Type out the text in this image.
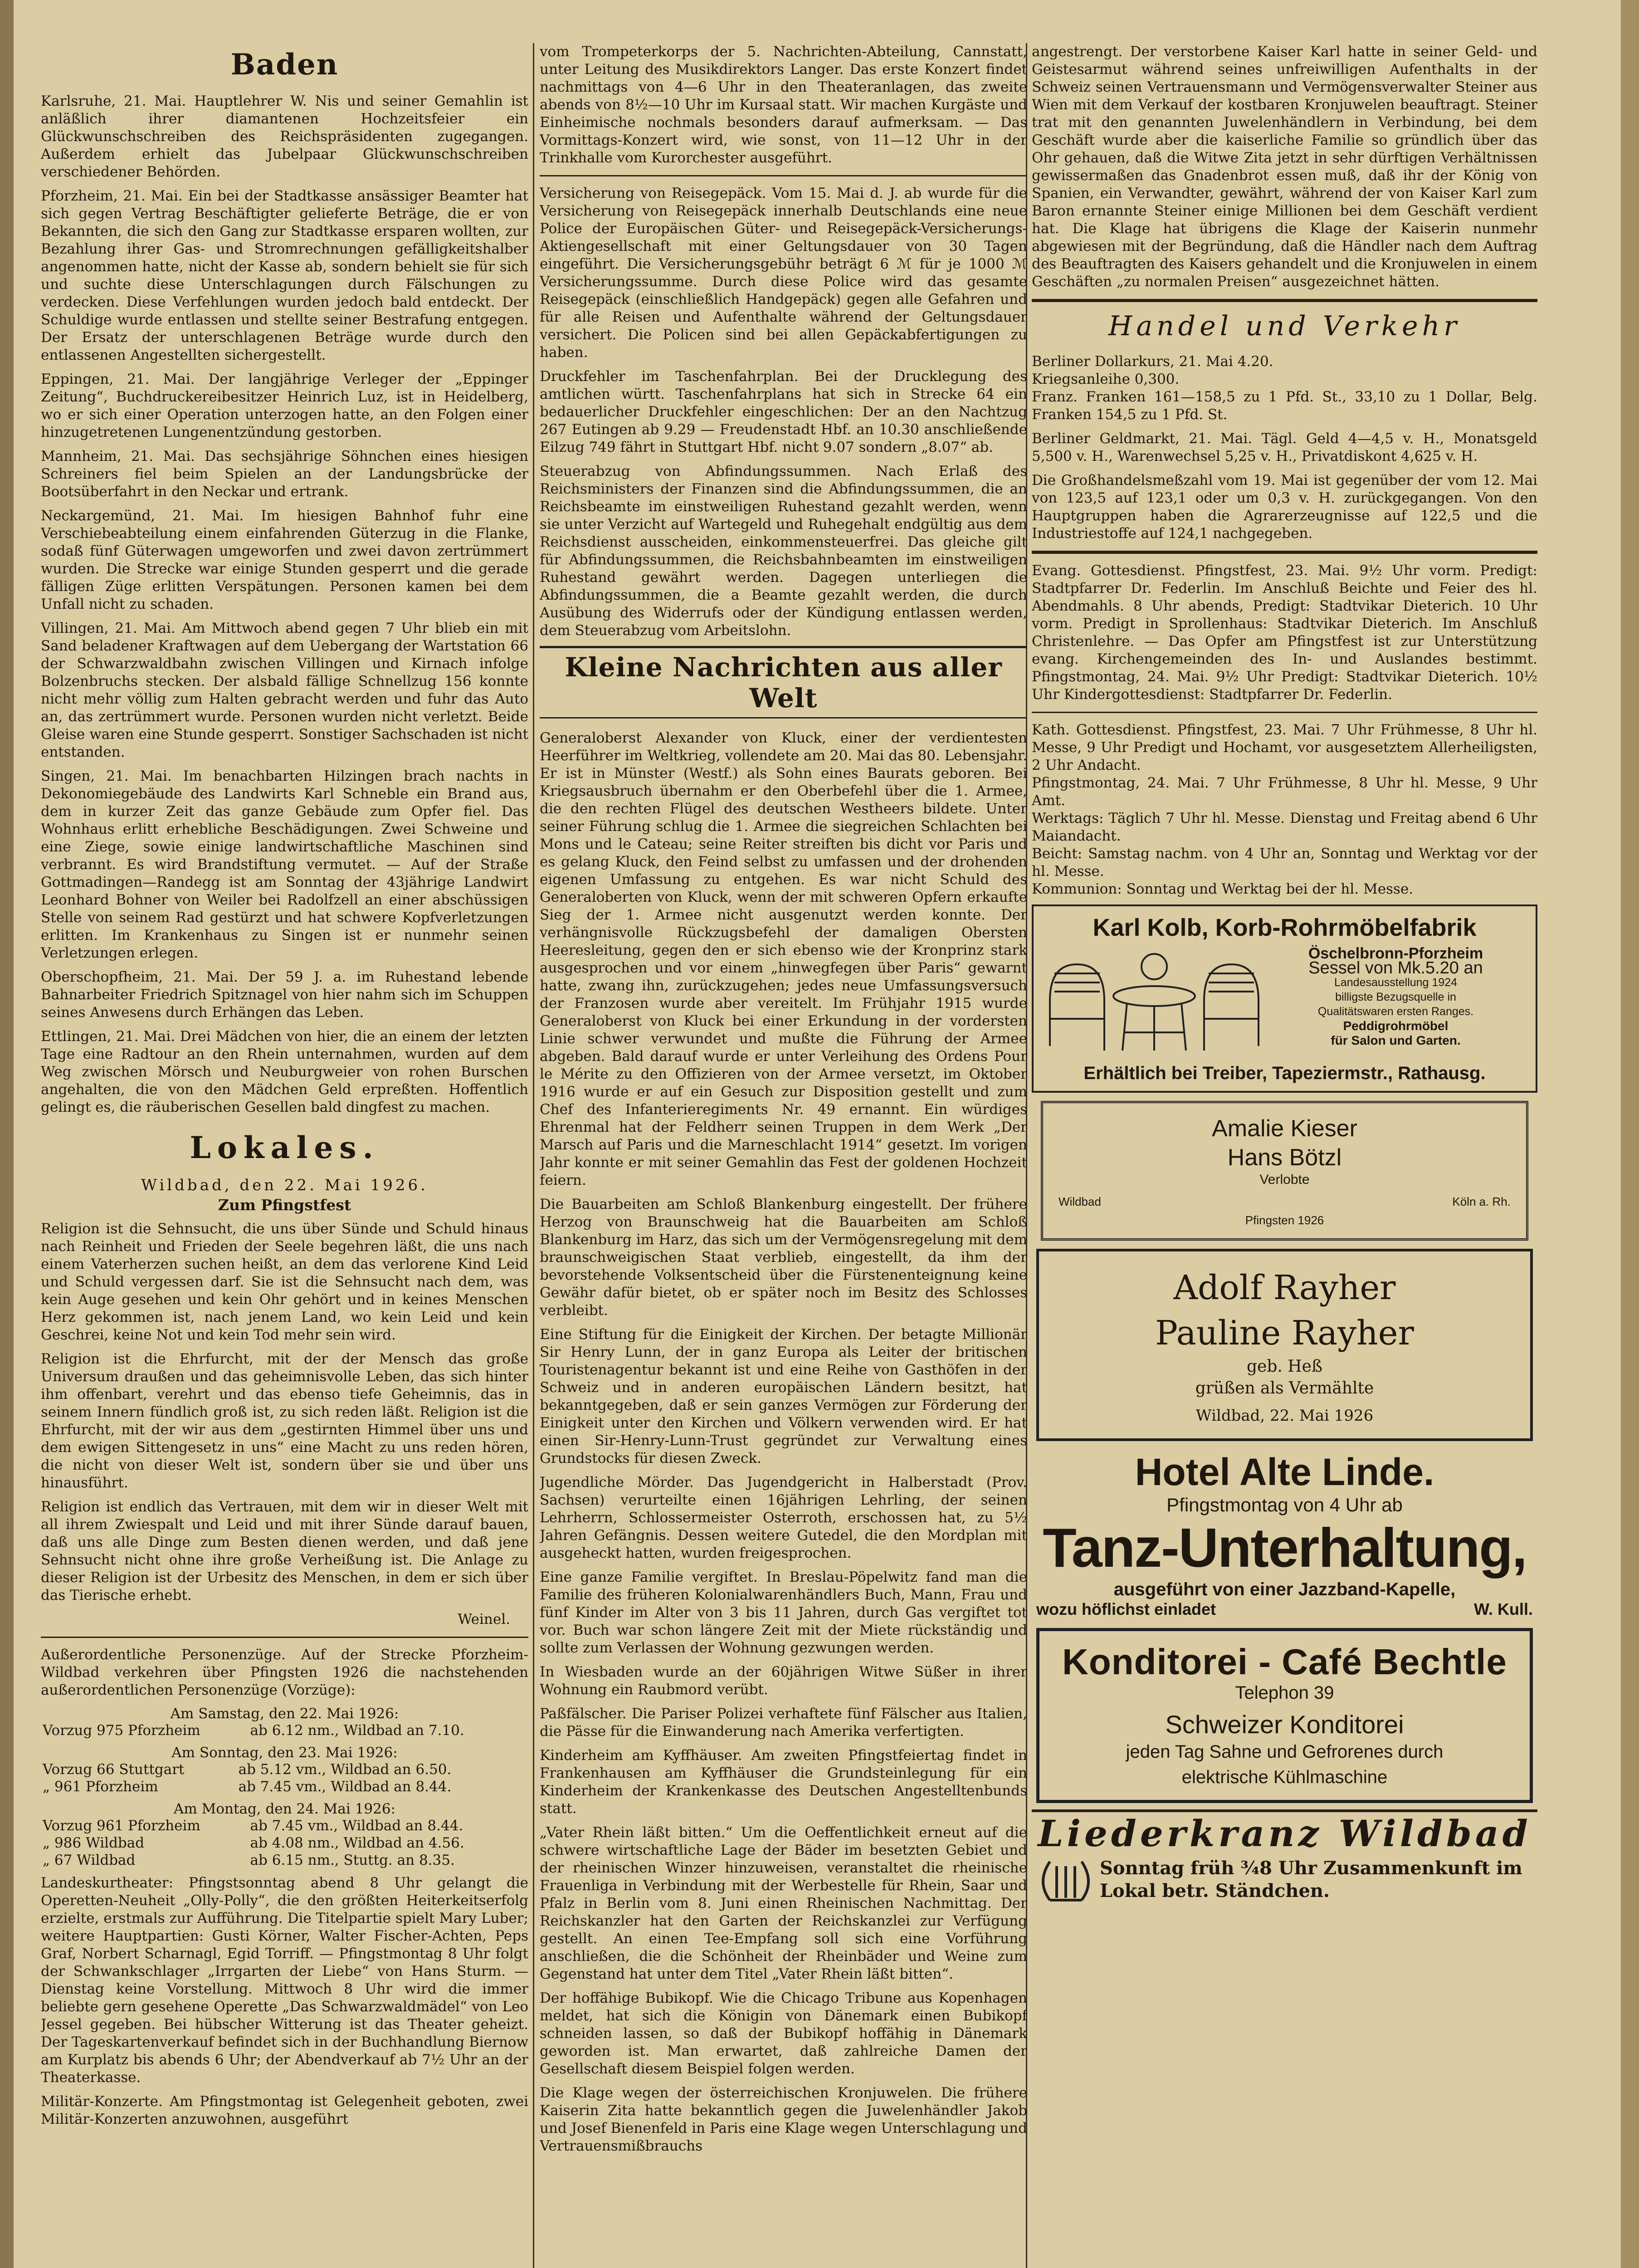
Baden

Karlsruhe, 21. Mai. Hauptlehrer W. Nis und seiner Gemahlin ist anläßlich ihrer diamantenen Hochzeitsfeier ein Glückwunschschreiben des Reichspräsidenten zugegangen. Außerdem erhielt das Jubelpaar Glückwunschschreiben verschiedener Behörden.

Pforzheim, 21. Mai. Ein bei der Stadtkasse ansässiger Beamter hat sich gegen Vertrag Beschäftigter gelieferte Beträge, die er von Bekannten, die sich den Gang zur Stadtkasse ersparen wollten, zur Bezahlung ihrer Gas- und Stromrechnungen gefälligkeitshalber angenommen hatte, nicht der Kasse ab, sondern behielt sie für sich und suchte diese Unterschlagungen durch Fälschungen zu verdecken. Diese Verfehlungen wurden jedoch bald entdeckt. Der Schuldige wurde entlassen und stellte seiner Bestrafung entgegen. Der Ersatz der unterschlagenen Beträge wurde durch den entlassenen Angestellten sichergestellt.

Eppingen, 21. Mai. Der langjährige Verleger der „Eppinger Zeitung“, Buchdruckereibesitzer Heinrich Luz, ist in Heidelberg, wo er sich einer Operation unterzogen hatte, an den Folgen einer hinzugetretenen Lungenentzündung gestorben.

Mannheim, 21. Mai. Das sechsjährige Söhnchen eines hiesigen Schreiners fiel beim Spielen an der Landungsbrücke der Bootsüberfahrt in den Neckar und ertrank.

Neckargemünd, 21. Mai. Im hiesigen Bahnhof fuhr eine Verschiebeabteilung einem einfahrenden Güterzug in die Flanke, sodaß fünf Güterwagen umgeworfen und zwei davon zertrümmert wurden. Die Strecke war einige Stunden gesperrt und die gerade fälligen Züge erlitten Verspätungen. Personen kamen bei dem Unfall nicht zu schaden.

Villingen, 21. Mai. Am Mittwoch abend gegen 7 Uhr blieb ein mit Sand beladener Kraftwagen auf dem Uebergang der Wartstation 66 der Schwarzwaldbahn zwischen Villingen und Kirnach infolge Bolzenbruchs stecken. Der alsbald fällige Schnellzug 156 konnte nicht mehr völlig zum Halten gebracht werden und fuhr das Auto an, das zertrümmert wurde. Personen wurden nicht verletzt. Beide Gleise waren eine Stunde gesperrt. Sonstiger Sachschaden ist nicht entstanden.

Singen, 21. Mai. Im benachbarten Hilzingen brach nachts in Dekonomiegebäude des Landwirts Karl Schneble ein Brand aus, dem in kurzer Zeit das ganze Gebäude zum Opfer fiel. Das Wohnhaus erlitt erhebliche Beschädigungen. Zwei Schweine und eine Ziege, sowie einige landwirtschaftliche Maschinen sind verbrannt. Es wird Brandstiftung vermutet. — Auf der Straße Gottmadingen—Randegg ist am Sonntag der 43jährige Landwirt Leonhard Bohner von Weiler bei Radolfzell an einer abschüssigen Stelle von seinem Rad gestürzt und hat schwere Kopfverletzungen erlitten. Im Krankenhaus zu Singen ist er nunmehr seinen Verletzungen erlegen.

Oberschopfheim, 21. Mai. Der 59 J. a. im Ruhestand lebende Bahnarbeiter Friedrich Spitznagel von hier nahm sich im Schuppen seines Anwesens durch Erhängen das Leben.

Ettlingen, 21. Mai. Drei Mädchen von hier, die an einem der letzten Tage eine Radtour an den Rhein unternahmen, wurden auf dem Weg zwischen Mörsch und Neuburgweier von rohen Burschen angehalten, die von den Mädchen Geld erpreßten. Hoffentlich gelingt es, die räuberischen Gesellen bald dingfest zu machen.

Lokales.
Wildbad, den 22. Mai 1926.
Zum Pfingstfest

Religion ist die Sehnsucht, die uns über Sünde und Schuld hinaus nach Reinheit und Frieden der Seele begehren läßt, die uns nach einem Vaterherzen suchen heißt, an dem das verlorene Kind Leid und Schuld vergessen darf. Sie ist die Sehnsucht nach dem, was kein Auge gesehen und kein Ohr gehört und in keines Menschen Herz gekommen ist, nach jenem Land, wo kein Leid und kein Geschrei, keine Not und kein Tod mehr sein wird.

Religion ist die Ehrfurcht, mit der der Mensch das große Universum draußen und das geheimnisvolle Leben, das sich hinter ihm offenbart, verehrt und das ebenso tiefe Geheimnis, das in seinem Innern fündlich groß ist, zu sich reden läßt. Religion ist die Ehrfurcht, mit der wir aus dem „gestirnten Himmel über uns und dem ewigen Sittengesetz in uns“ eine Macht zu uns reden hören, die nicht von dieser Welt ist, sondern über sie und über uns hinausführt.

Religion ist endlich das Vertrauen, mit dem wir in dieser Welt mit all ihrem Zwiespalt und Leid und mit ihrer Sünde darauf bauen, daß uns alle Dinge zum Besten dienen werden, und daß jene Sehnsucht nicht ohne ihre große Verheißung ist. Die Anlage zu dieser Religion ist der Urbesitz des Menschen, in dem er sich über das Tierische erhebt.

Weinel.

Außerordentliche Personenzüge. Auf der Strecke Pforzheim-Wildbad verkehren über Pfingsten 1926 die nachstehenden außerordentlichen Personenzüge (Vorzüge):

Am Samstag, den 22. Mai 1926:
Vorzug 975 Pforzheim	ab 6.12 nm., Wildbad an 7.10.
Am Sonntag, den 23. Mai 1926:
Vorzug 66 Stuttgart	ab 5.12 vm., Wildbad an 6.50.
„ 961 Pforzheim	ab 7.45 vm., Wildbad an 8.44.
Am Montag, den 24. Mai 1926:
Vorzug 961 Pforzheim	ab 7.45 vm., Wildbad an 8.44.
„ 986 Wildbad	ab 4.08 nm., Wildbad an 4.56.
„ 67 Wildbad	ab 6.15 nm., Stuttg. an 8.35.

Landeskurtheater: Pfingstsonntag abend 8 Uhr gelangt die Operetten-Neuheit „Olly-Polly“, die den größten Heiterkeitserfolg erzielte, erstmals zur Aufführung. Die Titelpartie spielt Mary Luber; weitere Hauptpartien: Gusti Körner, Walter Fischer-Achten, Peps Graf, Norbert Scharnagl, Egid Torriff. — Pfingstmontag 8 Uhr folgt der Schwankschlager „Irrgarten der Liebe“ von Hans Sturm. — Dienstag keine Vorstellung. Mittwoch 8 Uhr wird die immer beliebte gern gesehene Operette „Das Schwarzwaldmädel“ von Leo Jessel gegeben. Bei hübscher Witterung ist das Theater geheizt. Der Tageskartenverkauf befindet sich in der Buchhandlung Biernow am Kurplatz bis abends 6 Uhr; der Abendverkauf ab 7½ Uhr an der Theaterkasse.

Militär-Konzerte. Am Pfingstmontag ist Gelegenheit geboten, zwei Militär-Konzerten anzuwohnen, ausgeführt

vom Trompeterkorps der 5. Nachrichten-Abteilung, Cannstatt, unter Leitung des Musikdirektors Langer. Das erste Konzert findet nachmittags von 4—6 Uhr in den Theateranlagen, das zweite abends von 8½—10 Uhr im Kursaal statt. Wir machen Kurgäste und Einheimische nochmals besonders darauf aufmerksam. — Das Vormittags-Konzert wird, wie sonst, von 11—12 Uhr in der Trinkhalle vom Kurorchester ausgeführt.

Versicherung von Reisegepäck. Vom 15. Mai d. J. ab wurde für die Versicherung von Reisegepäck innerhalb Deutschlands eine neue Police der Europäischen Güter- und Reisegepäck-Versicherungs-Aktiengesellschaft mit einer Geltungsdauer von 30 Tagen eingeführt. Die Versicherungsgebühr beträgt 6 ℳ für je 1000 ℳ Versicherungssumme. Durch diese Police wird das gesamte Reisegepäck (einschließlich Handgepäck) gegen alle Gefahren und für alle Reisen und Aufenthalte während der Geltungsdauer versichert. Die Policen sind bei allen Gepäckabfertigungen zu haben.

Druckfehler im Taschenfahrplan. Bei der Drucklegung des amtlichen württ. Taschenfahrplans hat sich in Strecke 64 ein bedauerlicher Druckfehler eingeschlichen: Der an den Nachtzug 267 Eutingen ab 9.29 — Freudenstadt Hbf. an 10.30 anschließende Eilzug 749 fährt in Stuttgart Hbf. nicht 9.07 sondern „8.07“ ab.

Steuerabzug von Abfindungssummen. Nach Erlaß des Reichsministers der Finanzen sind die Abfindungssummen, die an Reichsbeamte im einstweiligen Ruhestand gezahlt werden, wenn sie unter Verzicht auf Wartegeld und Ruhegehalt endgültig aus dem Reichsdienst ausscheiden, einkommensteuerfrei. Das gleiche gilt für Abfindungssummen, die Reichsbahnbeamten im einstweiligen Ruhestand gewährt werden. Dagegen unterliegen die Abfindungssummen, die a Beamte gezahlt werden, die durch Ausübung des Widerrufs oder der Kündigung entlassen werden, dem Steuerabzug vom Arbeitslohn.

Kleine Nachrichten aus aller Welt

Generaloberst Alexander von Kluck, einer der verdientesten Heerführer im Weltkrieg, vollendete am 20. Mai das 80. Lebensjahr. Er ist in Münster (Westf.) als Sohn eines Baurats geboren. Bei Kriegsausbruch übernahm er den Oberbefehl über die 1. Armee, die den rechten Flügel des deutschen Westheers bildete. Unter seiner Führung schlug die 1. Armee die siegreichen Schlachten bei Mons und le Cateau; seine Reiter streiften bis dicht vor Paris und es gelang Kluck, den Feind selbst zu umfassen und der drohenden eigenen Umfassung zu entgehen. Es war nicht Schuld des Generaloberten von Kluck, wenn der mit schweren Opfern erkaufte Sieg der 1. Armee nicht ausgenutzt werden konnte. Der verhängnisvolle Rückzugsbefehl der damaligen Obersten Heeresleitung, gegen den er sich ebenso wie der Kronprinz stark ausgesprochen und vor einem „hinwegfegen über Paris“ gewarnt hatte, zwang ihn, zurückzugehen; jedes neue Umfassungsversuch der Franzosen wurde aber vereitelt. Im Frühjahr 1915 wurde Generaloberst von Kluck bei einer Erkundung in der vordersten Linie schwer verwundet und mußte die Führung der Armee abgeben. Bald darauf wurde er unter Verleihung des Ordens Pour le Mérite zu den Offizieren von der Armee versetzt, im Oktober 1916 wurde er auf ein Gesuch zur Disposition gestellt und zum Chef des Infanterieregiments Nr. 49 ernannt. Ein würdiges Ehrenmal hat der Feldherr seinen Truppen in dem Werk „Der Marsch auf Paris und die Marneschlacht 1914“ gesetzt. Im vorigen Jahr konnte er mit seiner Gemahlin das Fest der goldenen Hochzeit feiern.

Die Bauarbeiten am Schloß Blankenburg eingestellt. Der frühere Herzog von Braunschweig hat die Bauarbeiten am Schloß Blankenburg im Harz, das sich um der Vermögensregelung mit dem braunschweigischen Staat verblieb, eingestellt, da ihm der bevorstehende Volksentscheid über die Fürstenenteignung keine Gewähr dafür bietet, ob er später noch im Besitz des Schlosses verbleibt.

Eine Stiftung für die Einigkeit der Kirchen. Der betagte Millionär Sir Henry Lunn, der in ganz Europa als Leiter der britischen Touristenagentur bekannt ist und eine Reihe von Gasthöfen in der Schweiz und in anderen europäischen Ländern besitzt, hat bekanntgegeben, daß er sein ganzes Vermögen zur Förderung der Einigkeit unter den Kirchen und Völkern verwenden wird. Er hat einen Sir-Henry-Lunn-Trust gegründet zur Verwaltung eines Grundstocks für diesen Zweck.

Jugendliche Mörder. Das Jugendgericht in Halberstadt (Prov. Sachsen) verurteilte einen 16jährigen Lehrling, der seinen Lehrherrn, Schlossermeister Osterroth, erschossen hat, zu 5½ Jahren Gefängnis. Dessen weitere Gutedel, die den Mordplan mit ausgeheckt hatten, wurden freigesprochen.

Eine ganze Familie vergiftet. In Breslau-Pöpelwitz fand man die Familie des früheren Kolonialwarenhändlers Buch, Mann, Frau und fünf Kinder im Alter von 3 bis 11 Jahren, durch Gas vergiftet tot vor. Buch war schon längere Zeit mit der Miete rückständig und sollte zum Verlassen der Wohnung gezwungen werden.

In Wiesbaden wurde an der 60jährigen Witwe Süßer in ihrer Wohnung ein Raubmord verübt.

Paßfälscher. Die Pariser Polizei verhaftete fünf Fälscher aus Italien, die Pässe für die Einwanderung nach Amerika verfertigten.

Kinderheim am Kyffhäuser. Am zweiten Pfingstfeiertag findet in Frankenhausen am Kyffhäuser die Grundsteinlegung für ein Kinderheim der Krankenkasse des Deutschen Angestelltenbunds statt.

„Vater Rhein läßt bitten.“ Um die Oeffentlichkeit erneut auf die schwere wirtschaftliche Lage der Bäder im besetzten Gebiet und der rheinischen Winzer hinzuweisen, veranstaltet die rheinische Frauenliga in Verbindung mit der Werbestelle für Rhein, Saar und Pfalz in Berlin vom 8. Juni einen Rheinischen Nachmittag. Der Reichskanzler hat den Garten der Reichskanzlei zur Verfügung gestellt. An einen Tee-Empfang soll sich eine Vorführung anschließen, die die Schönheit der Rheinbäder und Weine zum Gegenstand hat unter dem Titel „Vater Rhein läßt bitten“.

Der hoffähige Bubikopf. Wie die Chicago Tribune aus Kopenhagen meldet, hat sich die Königin von Dänemark einen Bubikopf schneiden lassen, so daß der Bubikopf hoffähig in Dänemark geworden ist. Man erwartet, daß zahlreiche Damen der Gesellschaft diesem Beispiel folgen werden.

Die Klage wegen der österreichischen Kronjuwelen. Die frühere Kaiserin Zita hatte bekanntlich gegen die Juwelenhändler Jakob und Josef Bienenfeld in Paris eine Klage wegen Unterschlagung und Vertrauensmißbrauchs

angestrengt. Der verstorbene Kaiser Karl hatte in seiner Geld- und Geistesarmut während seines unfreiwilligen Aufenthalts in der Schweiz seinen Vertrauensmann und Vermögensverwalter Steiner aus Wien mit dem Verkauf der kostbaren Kronjuwelen beauftragt. Steiner trat mit den genannten Juwelenhändlern in Verbindung, bei dem Geschäft wurde aber die kaiserliche Familie so gründlich über das Ohr gehauen, daß die Witwe Zita jetzt in sehr dürftigen Verhältnissen gewissermaßen das Gnadenbrot essen muß, daß ihr der König von Spanien, ein Verwandter, gewährt, während der von Kaiser Karl zum Baron ernannte Steiner einige Millionen bei dem Geschäft verdient hat. Die Klage hat übrigens die Klage der Kaiserin nunmehr abgewiesen mit der Begründung, daß die Händler nach dem Auftrag des Beauftragten des Kaisers gehandelt und die Kronjuwelen in einem Geschäften „zu normalen Preisen“ ausgezeichnet hätten.

Handel und Verkehr

Berliner Dollarkurs, 21. Mai 4.20.

Kriegsanleihe 0,300.

Franz. Franken 161—158,5 zu 1 Pfd. St., 33,10 zu 1 Dollar, Belg. Franken 154,5 zu 1 Pfd. St.

Berliner Geldmarkt, 21. Mai. Tägl. Geld 4—4,5 v. H., Monatsgeld 5,500 v. H., Warenwechsel 5,25 v. H., Privatdiskont 4,625 v. H.

Die Großhandelsmeßzahl vom 19. Mai ist gegenüber der vom 12. Mai von 123,5 auf 123,1 oder um 0,3 v. H. zurückgegangen. Von den Hauptgruppen haben die Agrarerzeugnisse auf 122,5 und die Industriestoffe auf 124,1 nachgegeben.

Evang. Gottesdienst. Pfingstfest, 23. Mai. 9½ Uhr vorm. Predigt: Stadtpfarrer Dr. Federlin. Im Anschluß Beichte und Feier des hl. Abendmahls. 8 Uhr abends, Predigt: Stadtvikar Dieterich. 10 Uhr vorm. Predigt in Sprollenhaus: Stadtvikar Dieterich. Im Anschluß Christenlehre. — Das Opfer am Pfingstfest ist zur Unterstützung evang. Kirchengemeinden des In- und Auslandes bestimmt. Pfingstmontag, 24. Mai. 9½ Uhr Predigt: Stadtvikar Dieterich. 10½ Uhr Kindergottesdienst: Stadtpfarrer Dr. Federlin.

Kath. Gottesdienst. Pfingstfest, 23. Mai. 7 Uhr Frühmesse, 8 Uhr hl. Messe, 9 Uhr Predigt und Hochamt, vor ausgesetztem Allerheiligsten, 2 Uhr Andacht.

Pfingstmontag, 24. Mai. 7 Uhr Frühmesse, 8 Uhr hl. Messe, 9 Uhr Amt.

Werktags: Täglich 7 Uhr hl. Messe. Dienstag und Freitag abend 6 Uhr Maiandacht.

Beicht: Samstag nachm. von 4 Uhr an, Sonntag und Werktag vor der hl. Messe.

Kommunion: Sonntag und Werktag bei der hl. Messe.

Karl Kolb, Korb-Rohrmöbelfabrik
Öschelbronn-Pforzheim
Sessel von Mk.5.20 an
Landesausstellung 1924
billigste Bezugsquelle in
Qualitätswaren ersten Ranges.
Peddigrohrmöbel
für Salon und Garten.
Erhältlich bei Treiber, Tapeziermstr., Rathausg.
Amalie Kieser
Hans Bötzl
Verlobte
Wildbad	Köln a. Rh.
Pfingsten 1926
Adolf Rayher
Pauline Rayher
geb. Heß
grüßen als Vermählte
Wildbad, 22. Mai 1926
Hotel Alte Linde.
Pfingstmontag von 4 Uhr ab
Tanz-Unterhaltung,
ausgeführt von einer Jazzband-Kapelle,
wozu höflichst einladet	W. Kull.
Konditorei - Café Bechtle
Telephon 39
Schweizer Konditorei
jeden Tag Sahne und Gefrorenes durch
elektrische Kühlmaschine
Liederkranz Wildbad
Sonntag früh ¾8 Uhr Zusammenkunft im Lokal betr. Ständchen.
